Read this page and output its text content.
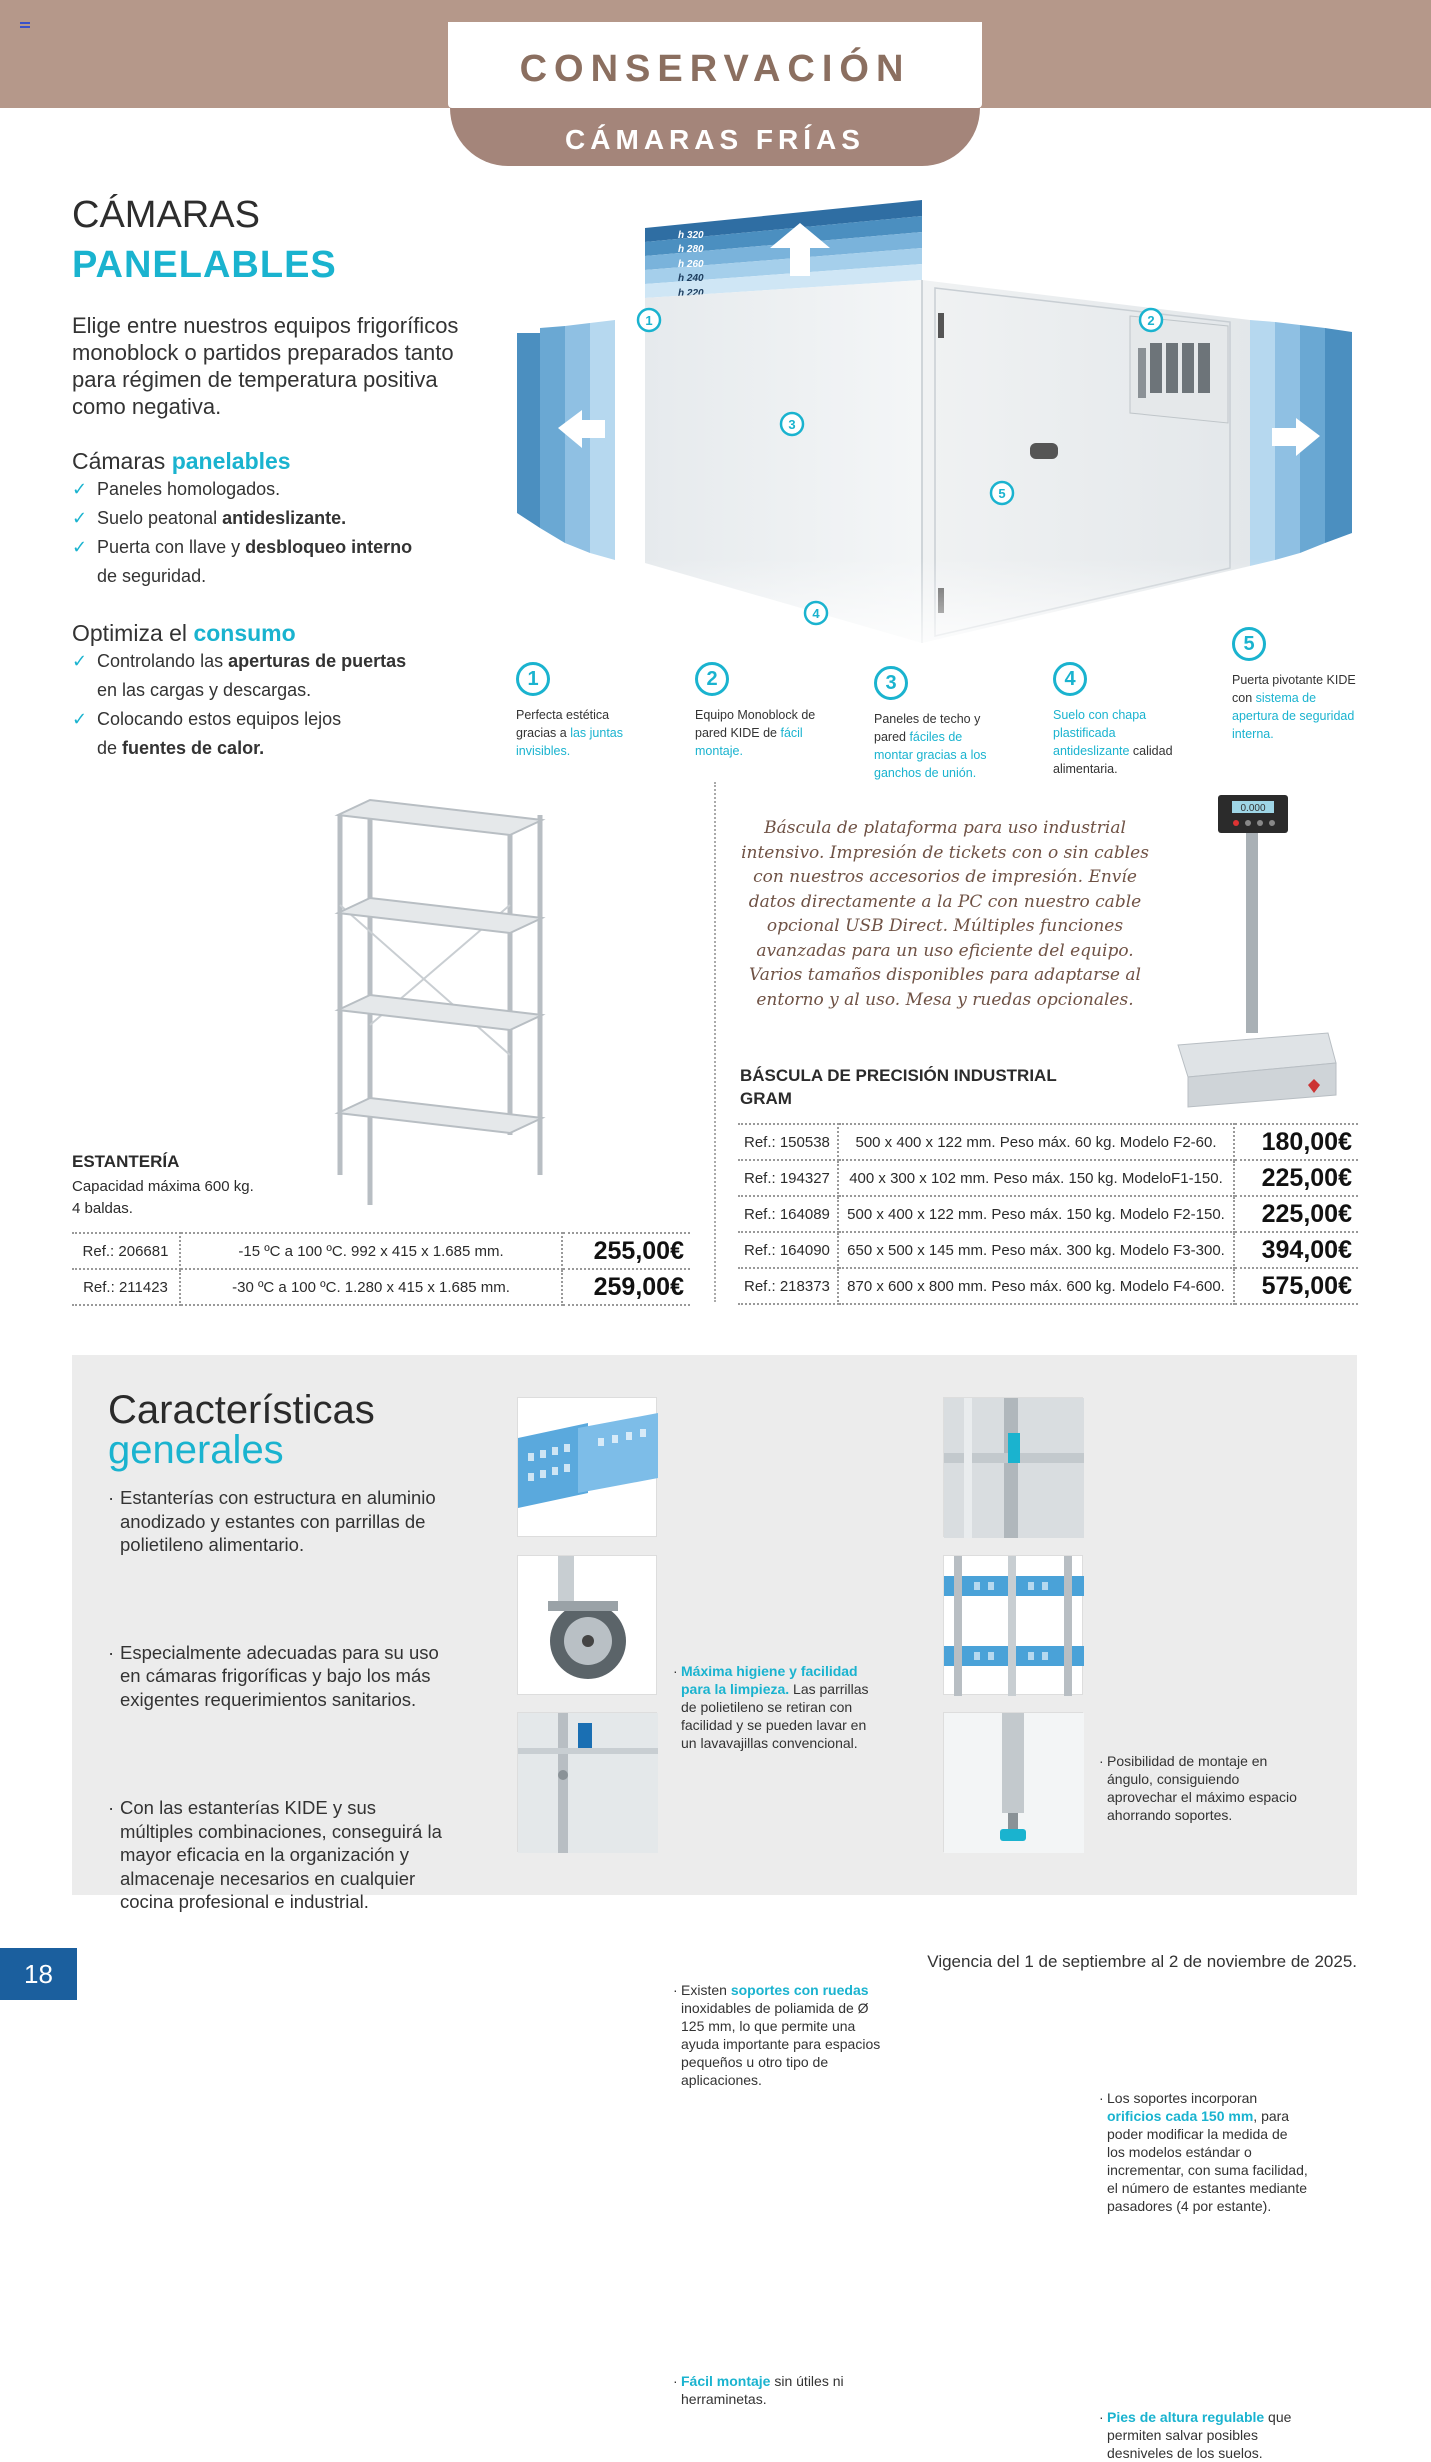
CONSERVACIÓN
CÁMARAS FRÍAS
CÁMARAS
PANELABLES
Elige entre nuestros equipos frigoríficos monoblock o partidos preparados tanto para régimen de temperatura positiva como negativa.
Cámaras panelables
✓ Paneles homologados.
✓ Suelo peatonal antideslizante.
✓ Puerta con llave y desbloqueo interno
de seguridad.
Optimiza el consumo
✓ Controlando las aperturas de puertas
en las cargas y descargas.
✓ Colocando estos equipos lejos
de fuentes de calor.
h 320
h 280
h 260
h 240
h 220
1	2
3
4
5
1
Perfecta estética gracias a las juntas invisibles.
2
Equipo Monoblock de pared KIDE de fácil montaje.
3
Paneles de techo y pared fáciles de montar gracias a los ganchos de unión.
4
Suelo con chapa plastificada antideslizante calidad alimentaria.
5
Puerta pivotante KIDE con sistema de apertura de seguridad interna.
ESTANTERÍA
Capacidad máxima 600 kg.
4 baldas.
Ref.: 206681	-15 ºC a 100 ºC. 992 x 415 x 1.685 mm.	255,00€
Ref.: 211423	-30 ºC a 100 ºC. 1.280 x 415 x 1.685 mm.	259,00€
Báscula de plataforma para uso industrial intensivo. Impresión de tickets con o sin cables con nuestros accesorios de impresión. Envíe datos directamente a la PC con nuestro cable opcional USB Direct. Múltiples funciones avanzadas para un uso eficiente del equipo. Varios tamaños disponibles para adaptarse al entorno y al uso. Mesa y ruedas opcionales.
0.000
BÁSCULA DE PRECISIÓN INDUSTRIAL
GRAM
Ref.: 150538	500 x 400 x 122 mm. Peso máx. 60 kg. Modelo F2-60.	180,00€
Ref.: 194327	400 x 300 x 102 mm. Peso máx. 150 kg. ModeloF1-150.	225,00€
Ref.: 164089	500 x 400 x 122 mm. Peso máx. 150 kg. Modelo F2-150.	225,00€
Ref.: 164090	650 x 500 x 145 mm. Peso máx. 300 kg. Modelo F3-300.	394,00€
Ref.: 218373	870 x 600 x 800 mm. Peso máx. 600 kg. Modelo F4-600.	575,00€
Características
generales
· Estanterías con estructura en aluminio anodizado y estantes con parrillas de polietileno alimentario.
· Especialmente adecuadas para su uso en cámaras frigoríficas y bajo los más exigentes requerimientos sanitarios.
· Con las estanterías KIDE y sus múltiples combinaciones, conseguirá la mayor eficacia en la organización y almacenaje necesarios en cualquier cocina profesional e industrial.
· Máxima higiene y facilidad para la limpieza. Las parrillas de polietileno se retiran con facilidad y se pueden lavar en un lavavajillas convencional.
· Posibilidad de montaje en ángulo, consiguiendo aprovechar el máximo espacio ahorrando soportes.
· Existen soportes con ruedas inoxidables de poliamida de Ø 125 mm, lo que permite una ayuda importante para espacios pequeños u otro tipo de aplicaciones.
· Los soportes incorporan orificios cada 150 mm, para poder modificar la medida de los modelos estándar o incrementar, con suma facilidad, el número de estantes mediante pasadores (4 por estante).
· Fácil montaje sin útiles ni herraminetas.
· Pies de altura regulable que permiten salvar posibles desniveles de los suelos.
18	Vigencia del 1 de septiembre al 2 de noviembre de 2025.
